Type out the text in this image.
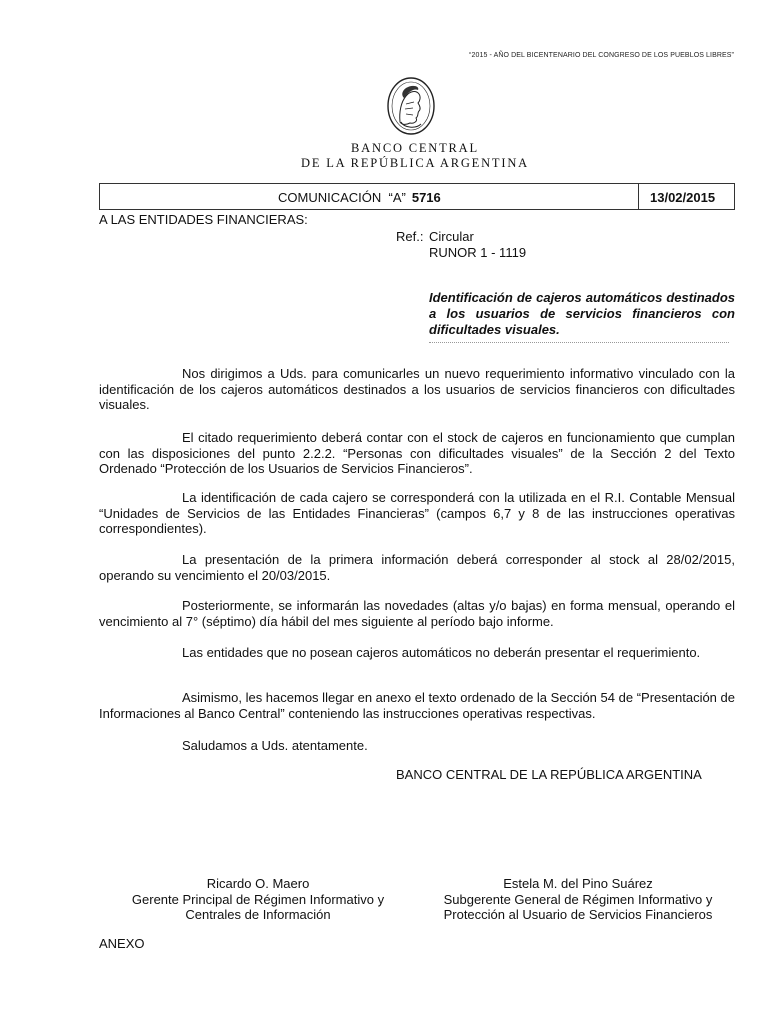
“2015 - AÑO DEL BICENTENARIO DEL CONGRESO DE LOS PUEBLOS LIBRES”
BANCO CENTRAL
DE LA REPÚBLICA ARGENTINA
COMUNICACIÓN  “A” 5716	13/02/2015
A LAS ENTIDADES FINANCIERAS:
Ref.: Circular
RUNOR 1 - 1119
Identificación de cajeros automáticos destinados a los usuarios de servicios financieros con dificultades visuales.
Nos dirigimos a Uds. para comunicarles un nuevo requerimiento informativo vinculado con la identificación de los cajeros automáticos destinados a los usuarios de servicios financieros con dificultades visuales.
El citado requerimiento deberá contar con el stock de cajeros en funcionamiento que cumplan con las disposiciones del punto 2.2.2. “Personas con dificultades visuales” de la Sección 2 del Texto Ordenado “Protección de los Usuarios de Servicios Financieros”.
La identificación de cada cajero se corresponderá con la utilizada en el R.I. Contable Mensual “Unidades de Servicios de las Entidades Financieras” (campos 6,7 y 8 de las instrucciones operativas correspondientes).
La presentación de la primera información deberá corresponder al stock al 28/02/2015, operando su vencimiento el 20/03/2015.
Posteriormente, se informarán las novedades (altas y/o bajas) en forma mensual, operando el vencimiento al 7° (séptimo) día hábil del mes siguiente al período bajo informe.
Las entidades que no posean cajeros automáticos no deberán presentar el requerimiento.
Asimismo, les hacemos llegar en anexo el texto ordenado de la Sección 54 de “Presentación de Informaciones al Banco Central” conteniendo las instrucciones operativas respectivas.
Saludamos a Uds. atentamente.
BANCO CENTRAL DE LA REPÚBLICA ARGENTINA
Ricardo O. Maero
Gerente Principal de Régimen Informativo y
Centrales de Información
Estela M. del Pino Suárez
Subgerente General de Régimen Informativo y
Protección al Usuario de Servicios Financieros
ANEXO
